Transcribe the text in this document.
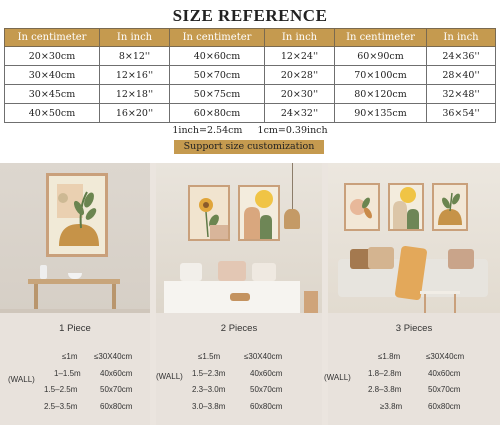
SIZE REFERENCE
In centimeter	In inch	In centimeter	In inch	In centimeter	In inch
20×30cm	8×12''	40×60cm	12×24''	60×90cm	24×36''
30×40cm	12×16''	50×70cm	20×28''	70×100cm	28×40''
30×45cm	12×18''	50×75cm	20×30''	80×120cm	32×48''
40×50cm	16×20''	60×80cm	24×32''	90×135cm	36×54''
1inch=2.54cm     1cm=0.39inch
Support size customization
1 Piece
(WALL)
≤1m ≤30X40cm
1–1.5m 40x60cm
1.5–2.5m	50x70cm
2.5–3.5m	60x80cm
2 Pieces
(WALL)
≤1.5m	≤30X40cm
1.5–2.3m	40x60cm
2.3–3.0m	50x70cm
3.0–3.8m	60x80cm
3 Pieces
(WALL)
≤1.8m	≤30X40cm
1.8–2.8m	40x60cm
2.8–3.8m	50x70cm
≥3.8m	60x80cm
